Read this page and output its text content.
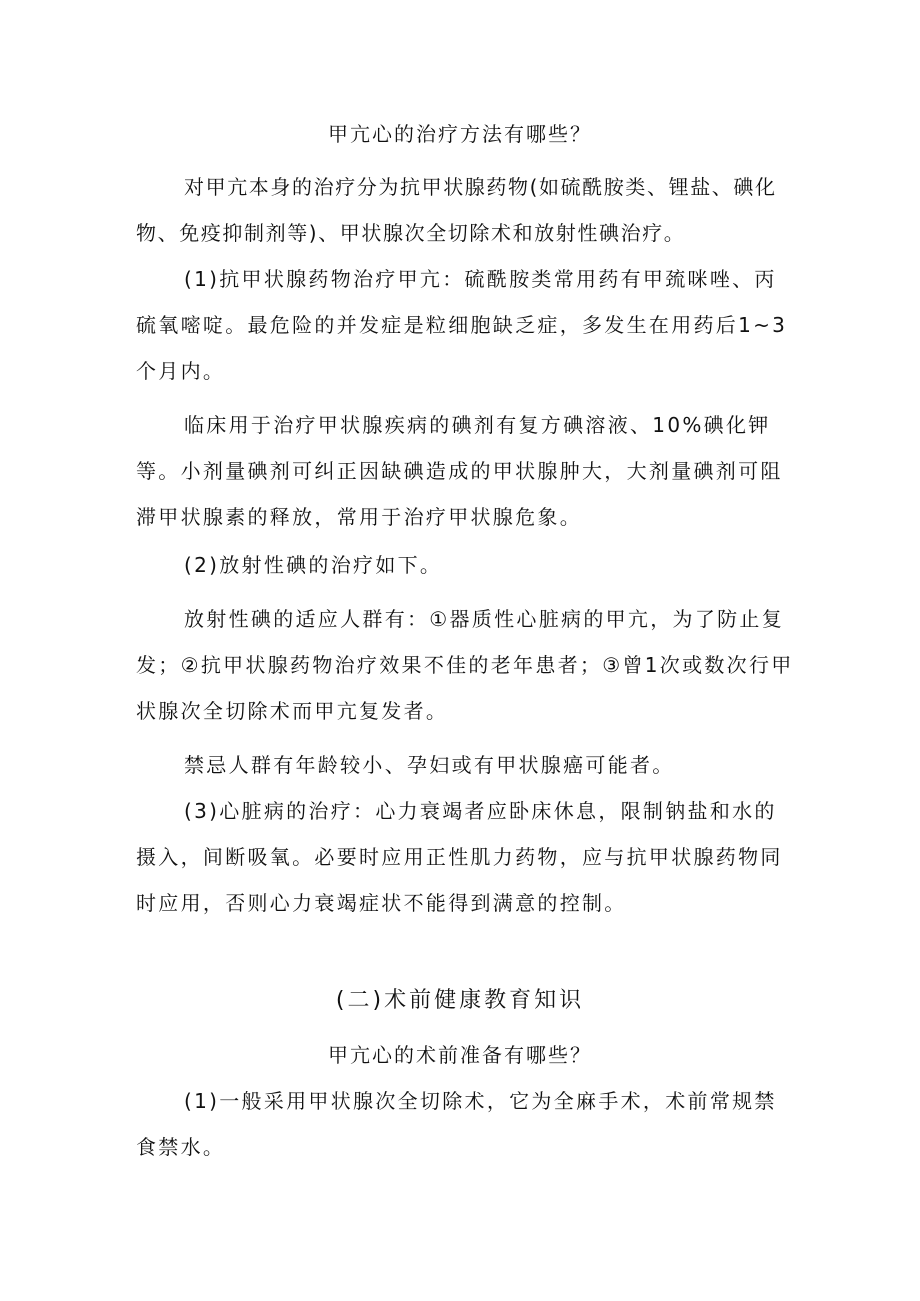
甲亢心的治疗方法有哪些？

对甲亢本身的治疗分为抗甲状腺药物(如硫酰胺类、锂盐、碘化物、免疫抑制剂等)、甲状腺次全切除术和放射性碘治疗。

(1)抗甲状腺药物治疗甲亢：硫酰胺类常用药有甲巯咪唑、丙硫氧嘧啶。最危险的并发症是粒细胞缺乏症，多发生在用药后1~3个月内。

临床用于治疗甲状腺疾病的碘剂有复方碘溶液、10%碘化钾等。小剂量碘剂可纠正因缺碘造成的甲状腺肿大，大剂量碘剂可阻滞甲状腺素的释放，常用于治疗甲状腺危象。

(2)放射性碘的治疗如下。

放射性碘的适应人群有：①器质性心脏病的甲亢，为了防止复发；②抗甲状腺药物治疗效果不佳的老年患者；③曾1次或数次行甲状腺次全切除术而甲亢复发者。

禁忌人群有年龄较小、孕妇或有甲状腺癌可能者。

(3)心脏病的治疗：心力衰竭者应卧床休息，限制钠盐和水的摄入，间断吸氧。必要时应用正性肌力药物，应与抗甲状腺药物同时应用，否则心力衰竭症状不能得到满意的控制。

(二)术前健康教育知识
甲亢心的术前准备有哪些？

(1)一般采用甲状腺次全切除术，它为全麻手术，术前常规禁食禁水。
